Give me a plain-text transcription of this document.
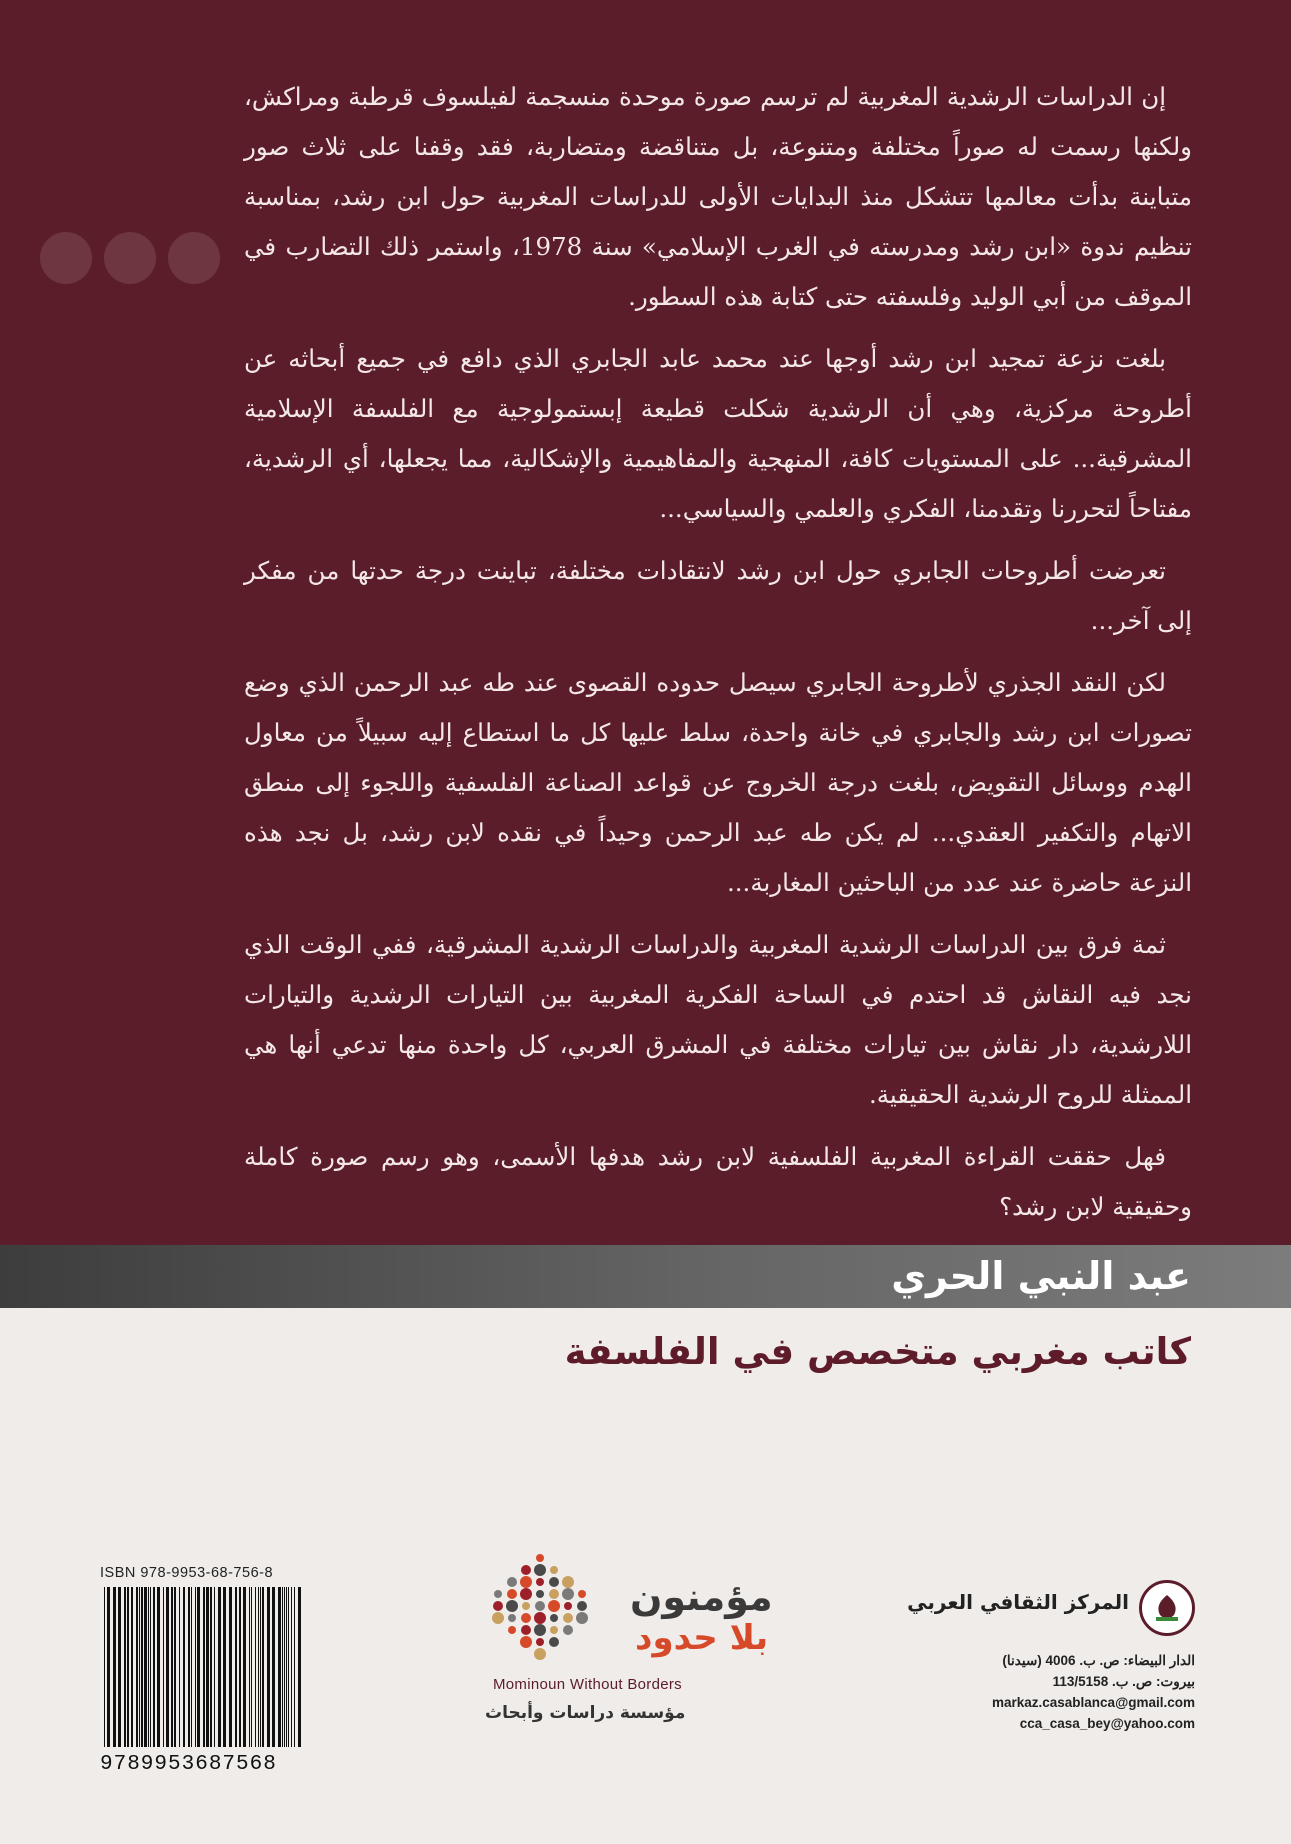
إن الدراسات الرشدية المغربية لم ترسم صورة موحدة منسجمة لفيلسوف قرطبة ومراكش، ولكنها رسمت له صوراً مختلفة ومتنوعة، بل متناقضة ومتضاربة، فقد وقفنا على ثلاث صور متباينة بدأت معالمها تتشكل منذ البدايات الأولى للدراسات المغربية حول ابن رشد، بمناسبة تنظيم ندوة «ابن رشد ومدرسته في الغرب الإسلامي» سنة 1978، واستمر ذلك التضارب في الموقف من أبي الوليد وفلسفته حتى كتابة هذه السطور.

بلغت نزعة تمجيد ابن رشد أوجها عند محمد عابد الجابري الذي دافع في جميع أبحاثه عن أطروحة مركزية، وهي أن الرشدية شكلت قطيعة إبستمولوجية مع الفلسفة الإسلامية المشرقية... على المستويات كافة، المنهجية والمفاهيمية والإشكالية، مما يجعلها، أي الرشدية، مفتاحاً لتحررنا وتقدمنا، الفكري والعلمي والسياسي...

تعرضت أطروحات الجابري حول ابن رشد لانتقادات مختلفة، تباينت درجة حدتها من مفكر إلى آخر...

لكن النقد الجذري لأطروحة الجابري سيصل حدوده القصوى عند طه عبد الرحمن الذي وضع تصورات ابن رشد والجابري في خانة واحدة، سلط عليها كل ما استطاع إليه سبيلاً من معاول الهدم ووسائل التقويض، بلغت درجة الخروج عن قواعد الصناعة الفلسفية واللجوء إلى منطق الاتهام والتكفير العقدي... لم يكن طه عبد الرحمن وحيداً في نقده لابن رشد، بل نجد هذه النزعة حاضرة عند عدد من الباحثين المغاربة...

ثمة فرق بين الدراسات الرشدية المغربية والدراسات الرشدية المشرقية، ففي الوقت الذي نجد فيه النقاش قد احتدم في الساحة الفكرية المغربية بين التيارات الرشدية والتيارات اللارشدية، دار نقاش بين تيارات مختلفة في المشرق العربي، كل واحدة منها تدعي أنها هي الممثلة للروح الرشدية الحقيقية.

فهل حققت القراءة المغربية الفلسفية لابن رشد هدفها الأسمى، وهو رسم صورة كاملة وحقيقية لابن رشد؟

عبد النبي الحري
كاتب مغربي متخصص في الفلسفة
ISBN 978-9953-68-756-8
9789953687568
مؤمنون
بلا حدود
Mominoun Without Borders
مؤسسة دراسات وأبحاث
المركز الثقافي العربي
الدار البيضاء: ص. ب. 4006 (سيدنا)
بيروت: ص. ب. 113/5158
markaz.casablanca@gmail.com
cca_casa_bey@yahoo.com
